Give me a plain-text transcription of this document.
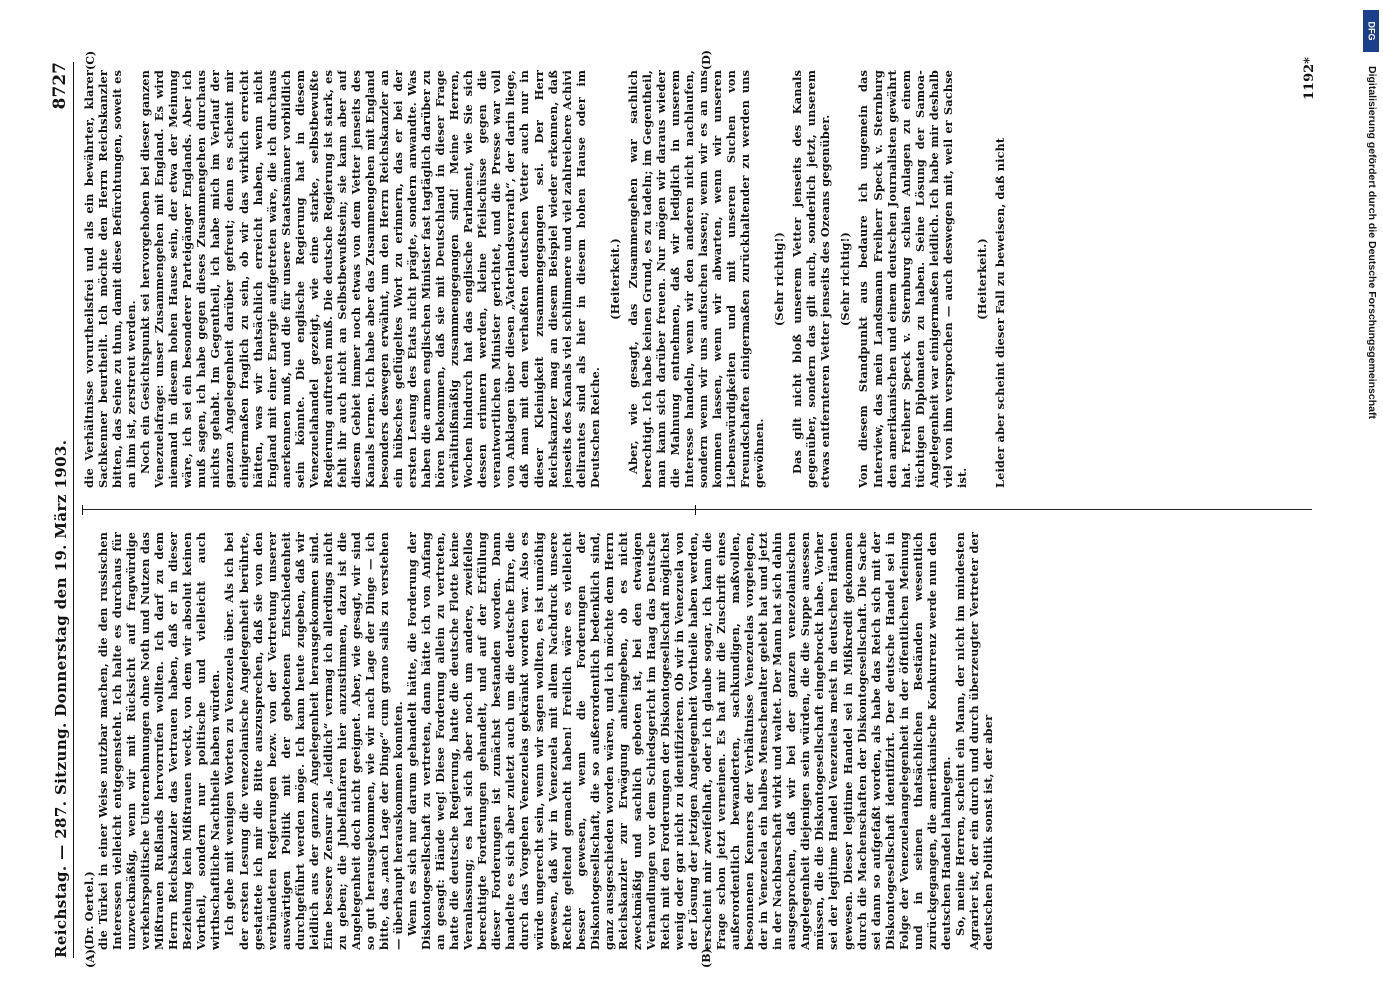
Reichstag. — 287. Sitzung. Donnerstag den 19. März 1903.
8727
(A)	(B)
(C)	(D)

(Dr. Oertel.) die Türkei in einer Weise nutzbar machen, die den russischen Interessen vielleicht entgegensteht. Ich halte es durchaus für unzweckmäßig, wenn wir mit Rücksicht auf fragwürdige verkehrspolitische Unternehmungen ohne Noth und Nutzen das Mißtrauen Rußlands hervorrufen wollten. Ich darf zu dem Herrn Reichskanzler das Vertrauen haben, daß er in dieser Beziehung kein Mißtrauen weckt, von dem wir absolut keinen Vortheil, sondern nur politische und vielleicht auch wirthschaftliche Nachtheile haben würden. Ich gehe mit wenigen Worten zu Venezuela über. Als ich bei der ersten Lesung die venezolanische Angelegenheit berührte, gestattete ich mir die Bitte auszusprechen, daß sie von den verbündeten Regierungen bezw. von der Vertretung unserer auswärtigen Politik mit der gebotenen Entschiedenheit durchgeführt werden möge. Ich kann heute zugeben, daß wir leidlich aus der ganzen Angelegenheit herausgekommen sind. Eine bessere Zensur als „leidlich“ vermag ich allerdings nicht zu geben; die Jubelfanfaren hier anzustimmen, dazu ist die Angelegenheit doch nicht geeignet. Aber, wie gesagt, wir sind so gut herausgekommen, wie wir nach Lage der Dinge — ich bitte, das „nach Lage der Dinge“ cum grano salis zu verstehen — überhaupt herauskommen konnten. Wenn es sich nur darum gehandelt hätte, die Forderung der Diskontogesellschaft zu vertreten, dann hätte ich von Anfang an gesagt: Hände weg! Diese Forderung allein zu vertreten, hatte die deutsche Regierung, hatte die deutsche Flotte keine Veranlassung; es hat sich aber noch um andere, zweifellos berechtigte Forderungen gehandelt, und auf der Erfüllung dieser Forderungen ist zunächst bestanden worden. Dann handelte es sich aber zuletzt auch um die deutsche Ehre, die durch das Vorgehen Venezuelas gekränkt worden war. Also es würde ungerecht sein, wenn wir sagen wollten, es ist unnöthig gewesen, daß wir in Venezuela mit allem Nachdruck unsere Rechte geltend gemacht haben! Freilich wäre es vielleicht besser gewesen, wenn die Forderungen der Diskontogesellschaft, die so außerordentlich bedenklich sind, ganz ausgeschieden worden wären, und ich möchte dem Herrn Reichskanzler zur Erwägung anheimgeben, ob es nicht zweckmäßig und sachlich geboten ist, bei den etwaigen Verhandlungen vor dem Schiedsgericht im Haag das Deutsche Reich mit den Forderungen der Diskontogesellschaft möglichst wenig oder gar nicht zu identifizieren. Ob wir in Venezuela von der Lösung der jetzigen Angelegenheit Vortheile haben werden, erscheint mir zweifelhaft, oder ich glaube sogar, ich kann die Frage schon jetzt verneinen. Es hat mir die Zuschrift eines außerordentlich bewanderten, sachkundigen, maßvollen, besonnenen Kenners der Verhältnisse Venezuelas vorgelegen, der in Venezuela ein halbes Menschenalter gelebt hat und jetzt in der Nachbarschaft wirkt und waltet. Der Mann hat sich dahin ausgesprochen, daß wir bei der ganzen venezolanischen Angelegenheit diejenigen sein würden, die die Suppe ausessen müssen, die die Diskontogesellschaft eingebrockt habe. Vorher sei der legitime Handel Venezuelas meist in deutschen Händen gewesen. Dieser legitime Handel sei in Mißkredit gekommen durch die Machenschaften der Diskontogesellschaft. Die Sache sei dann so aufgefaßt worden, als habe das Reich sich mit der Diskontogesellschaft identifizirt. Der deutsche Handel sei in Folge der Venezuelaangelegenheit in der öffentlichen Meinung und in seinen thatsächlichen Beständen wesentlich zurückgegangen, die amerikanische Konkurrenz werde nun den deutschen Handel lahmlegen. So, meine Herren, scheint ein Mann, der nicht im mindesten Agrarier ist, der ein durch und durch überzeugter Vertreter der deutschen Politik sonst ist, der aber

die Verhältnisse vorurtheilsfrei und als ein bewährter, klarer Sachkenner beurtheilt. Ich möchte den Herrn Reichskanzler bitten, das Seine zu thun, damit diese Befürchtungen, soweit es an ihm ist, zerstreut werden. Noch ein Gesichtspunkt sei hervorgehoben bei dieser ganzen Venezuelafrage: unser Zusammengehen mit England. Es wird niemand in diesem hohen Hause sein, der etwa der Meinung wäre, ich sei ein besonderer Parteigänger Englands. Aber ich muß sagen, ich habe gegen dieses Zusammengehen durchaus nichts gehabt. Im Gegentheil, ich habe mich im Verlauf der ganzen Angelegenheit darüber gefreut; denn es scheint mir einigermaßen fraglich zu sein, ob wir das wirklich erreicht hätten, was wir thatsächlich erreicht haben, wenn nicht England mit einer Energie aufgetreten wäre, die ich durchaus anerkennen muß, und die für unsere Staatsmänner vorbildlich sein könnte. Die englische Regierung hat in diesem Venezuelahandel gezeigt, wie eine starke, selbstbewußte Regierung auftreten muß. Die deutsche Regierung ist stark, es fehlt ihr auch nicht an Selbstbewußtsein; sie kann aber auf diesem Gebiet immer noch etwas von dem Vetter jenseits des Kanals lernen. Ich habe aber das Zusammengehen mit England besonders deswegen erwähnt, um den Herrn Reichskanzler an ein hübsches geflügeltes Wort zu erinnern, das er bei der ersten Lesung des Etats nicht prägte, sondern anwandte. Was haben die armen englischen Minister fast tagtäglich darüber zu hören bekommen, daß sie mit Deutschland in dieser Frage verhältnißmäßig zusammengegangen sind! Meine Herren, Wochen hindurch hat das englische Parlament, wie Sie sich dessen erinnern werden, kleine Pfeilschüsse gegen die verantwortlichen Minister gerichtet, und die Presse war voll von Anklagen über diesen „Vaterlandsverrath“, der darin liege, daß man mit dem verhaßten deutschen Vetter auch nur in dieser Kleinigkeit zusammengegangen sei. Der Herr Reichskanzler mag an diesem Beispiel wieder erkennen, daß jenseits des Kanals viel schlimmere und viel zahlreichere Achivi delirantes sind als hier in diesem hohen Hause oder im Deutschen Reiche.

(Heiterkeit.) Aber, wie gesagt, das Zusammengehen war sachlich berechtigt. Ich habe keinen Grund, es zu tadeln; im Gegentheil, man kann sich darüber freuen. Nur mögen wir daraus wieder die Mahnung entnehmen, daß wir lediglich in unserem Interesse handeln, wenn wir den anderen nicht nachlaufen, sondern wenn wir uns aufsuchen lassen; wenn wir es an uns kommen lassen, wenn wir abwarten, wenn wir unseren Liebenswürdigkeiten und mit unseren Suchen von Freundschaften einigermaßen zurückhaltender zu werden uns gewöhnen.

(Sehr richtig!) Das gilt nicht bloß unserem Vetter jenseits des Kanals gegenüber, sondern das gilt auch, sonderlich jetzt, unserem etwas entfernteren Vetter jenseits des Ozeans gegenüber. (Sehr richtig!) Von diesem Standpunkt aus bedaure ich ungemein das Interview, das mein Landsmann Freiherr Speck v. Sternburg den amerikanischen und einem deutschen Journalisten gewährt hat. Freiherr Speck v. Sternburg schien Anlagen zu einem tüchtigen Diplomaten zu haben. Seine Lösung der Samoa-Angelegenheit war einigermaßen leidlich. Ich habe mir deshalb viel von ihm versprochen — auch deswegen mit, weil er Sachse ist.

(Heiterkeit.) Leider aber scheint dieser Fall zu beweisen, daß nicht

1192*
DFG
Digitalisierung gefördert durch die Deutsche Forschungsgemeinschaft
